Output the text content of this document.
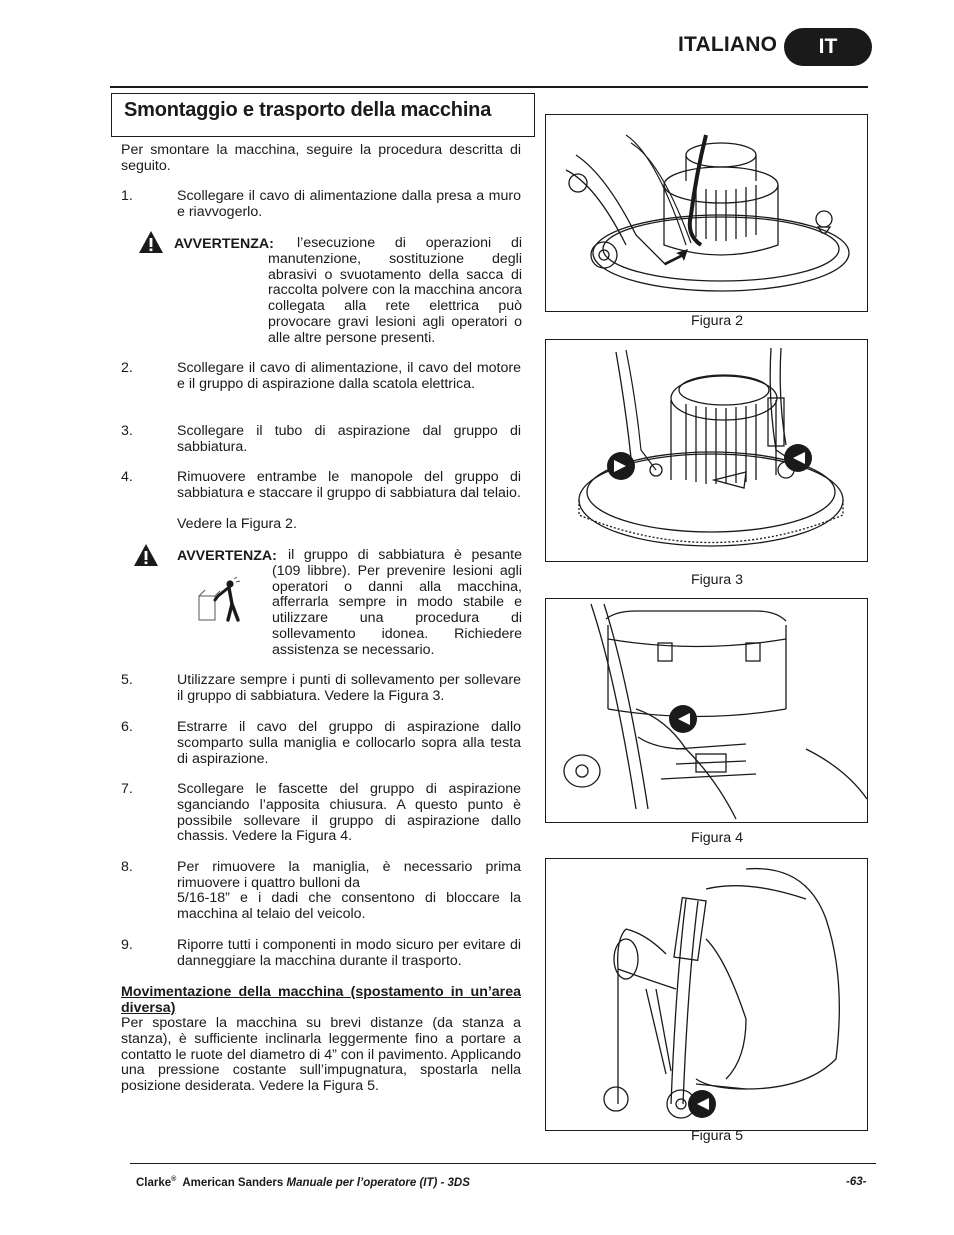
ITALIANO	IT
Smontaggio e trasporto della macchina
Per smontare la macchina, seguire la procedura descritta di seguito.
1.	Scollegare il cavo di alimentazione dalla presa a muro e riavvogerlo.
AVVERTENZA:	l’esecuzione di operazioni di manutenzione, sostituzione degli abrasivi o svuotamento della sacca di raccolta polvere con la macchina ancora collegata alla rete elettrica può provocare gravi lesioni agli operatori o alle altre persone presenti.
2.	Scollegare il cavo di alimentazione, il cavo del motore e il gruppo di aspirazione dalla scatola elettrica.
3.	Scollegare il tubo di aspirazione dal gruppo di sabbiatura.
4.	Rimuovere entrambe le manopole del gruppo di sabbiatura e staccare il gruppo di sabbiatura dal telaio.
Vedere la Figura 2.
AVVERTENZA: il gruppo di sabbiatura è pesante (109 libbre). Per prevenire lesioni agli operatori o danni alla macchina, afferrarla sempre in modo stabile e utilizzare una procedura di sollevamento idonea. Richiedere assistenza se necessario.
5.	Utilizzare sempre i punti di sollevamento per sollevare il gruppo di sabbiatura. Vedere la Figura 3.
6.	Estrarre il cavo del gruppo di aspirazione dallo scomparto sulla maniglia e collocarlo sopra alla testa di aspirazione.
7.	Scollegare le fascette del gruppo di aspirazione sganciando l’apposita chiusura. A questo punto è possibile sollevare il gruppo di aspirazione dallo chassis. Vedere la Figura 4.
8.	Per rimuovere la maniglia, è necessario prima rimuovere i quattro bulloni da
5/16-18” e i dadi che consentono di bloccare la macchina al telaio del veicolo.
9.	Riporre tutti i componenti in modo sicuro per evitare di danneggiare la macchina durante il trasporto.
Movimentazione della macchina (spostamento in un’area diversa)
Per spostare la macchina su brevi distanze (da stanza a stanza), è sufficiente inclinarla leggermente fino a portare a contatto le ruote del diametro di 4” con il pavimento. Applicando una pressione costante sull’impugnatura, spostarla nella posizione desiderata. Vedere la Figura 5.
Figura 2
Figura 3
Figura 4
Figura 5
Clarke® American Sanders Manuale per l’operatore (IT) - 3DS	-63-
